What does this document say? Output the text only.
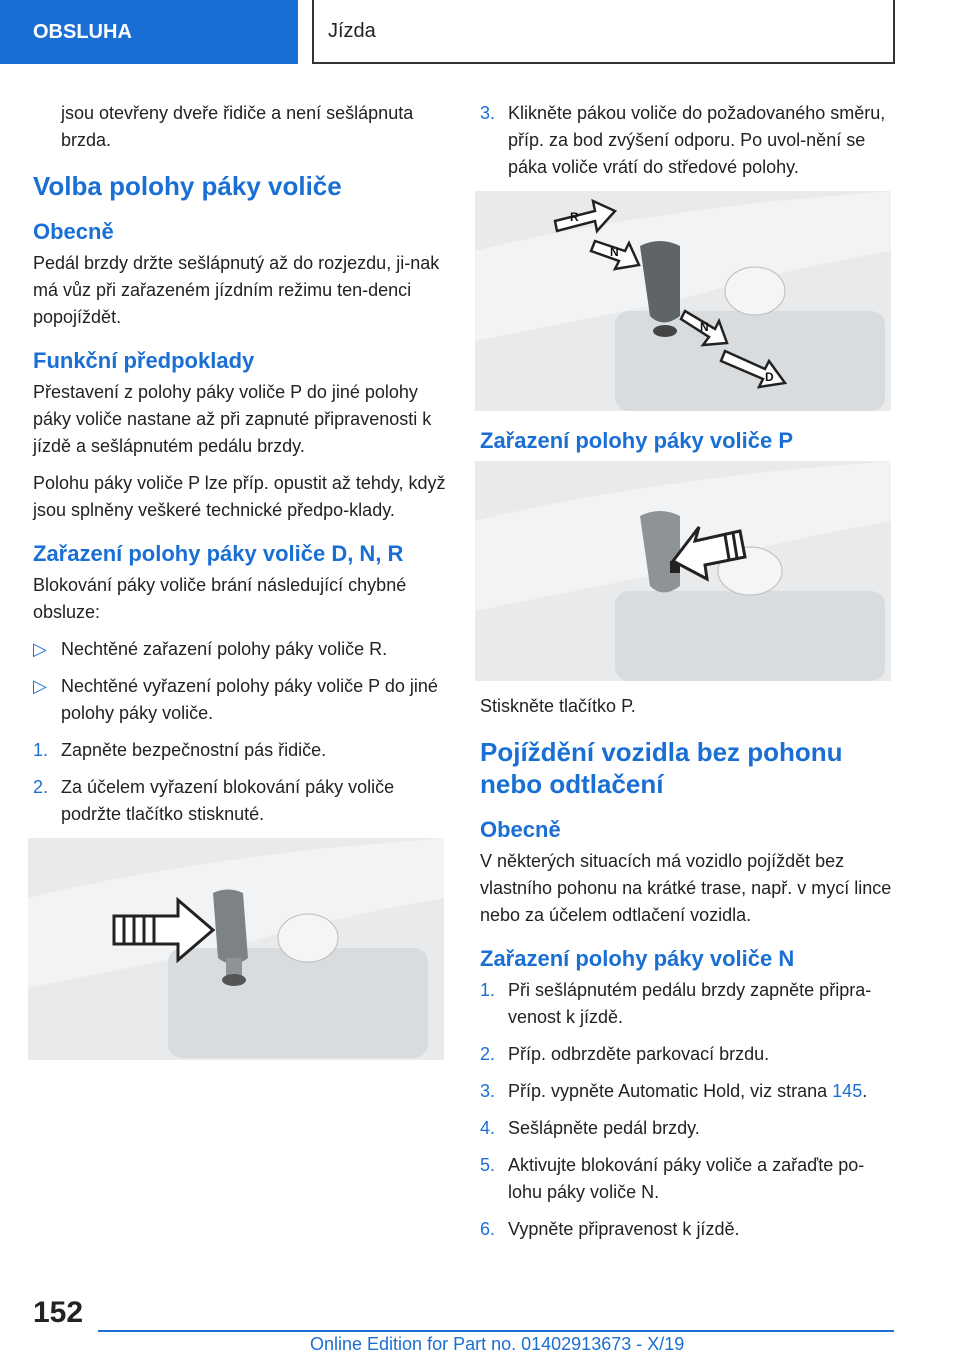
OBSLUHA	Jízda

jsou otevřeny dveře řidiče a není sešlápnuta brzda.

Volba polohy páky voliče
Obecně

Pedál brzdy držte sešlápnutý až do rozjezdu, ji-nak má vůz při zařazeném jízdním režimu ten-denci popojíždět.

Funkční předpoklady

Přestavení z polohy páky voliče P do jiné polohy páky voliče nastane až při zapnuté připravenosti k jízdě a sešlápnutém pedálu brzdy.

Polohu páky voliče P lze příp. opustit až tehdy, když jsou splněny veškeré technické předpo-klady.

Zařazení polohy páky voliče D, N, R

Blokování páky voliče brání následující chybné obsluze:

▷ Nechtěné zařazení polohy páky voliče R.
▷ Nechtěné vyřazení polohy páky voliče P do jiné polohy páky voliče.
1. Zapněte bezpečnostní pás řidiče.
2. Za účelem vyřazení blokování páky voliče podržte tlačítko stisknuté.
3. Klikněte pákou voliče do požadovaného směru, příp. za bod zvýšení odporu. Po uvol-nění se páka voliče vrátí do středové polohy.
R
N
N
D
Zařazení polohy páky voliče P

Stiskněte tlačítko P.

Pojíždění vozidla bez pohonu nebo odtlačení
Obecně

V některých situacích má vozidlo pojíždět bez vlastního pohonu na krátké trase, např. v mycí lince nebo za účelem odtlačení vozidla.

Zařazení polohy páky voliče N
1. Při sešlápnutém pedálu brzdy zapněte připra-venost k jízdě.
2. Příp. odbrzděte parkovací brzdu.
3. Příp. vypněte Automatic Hold, viz strana 145.
4. Sešlápněte pedál brzdy.
5. Aktivujte blokování páky voliče a zařaďte po-lohu páky voliče N.
6. Vypněte připravenost k jízdě.
152
Online Edition for Part no. 01402913673 - X/19
